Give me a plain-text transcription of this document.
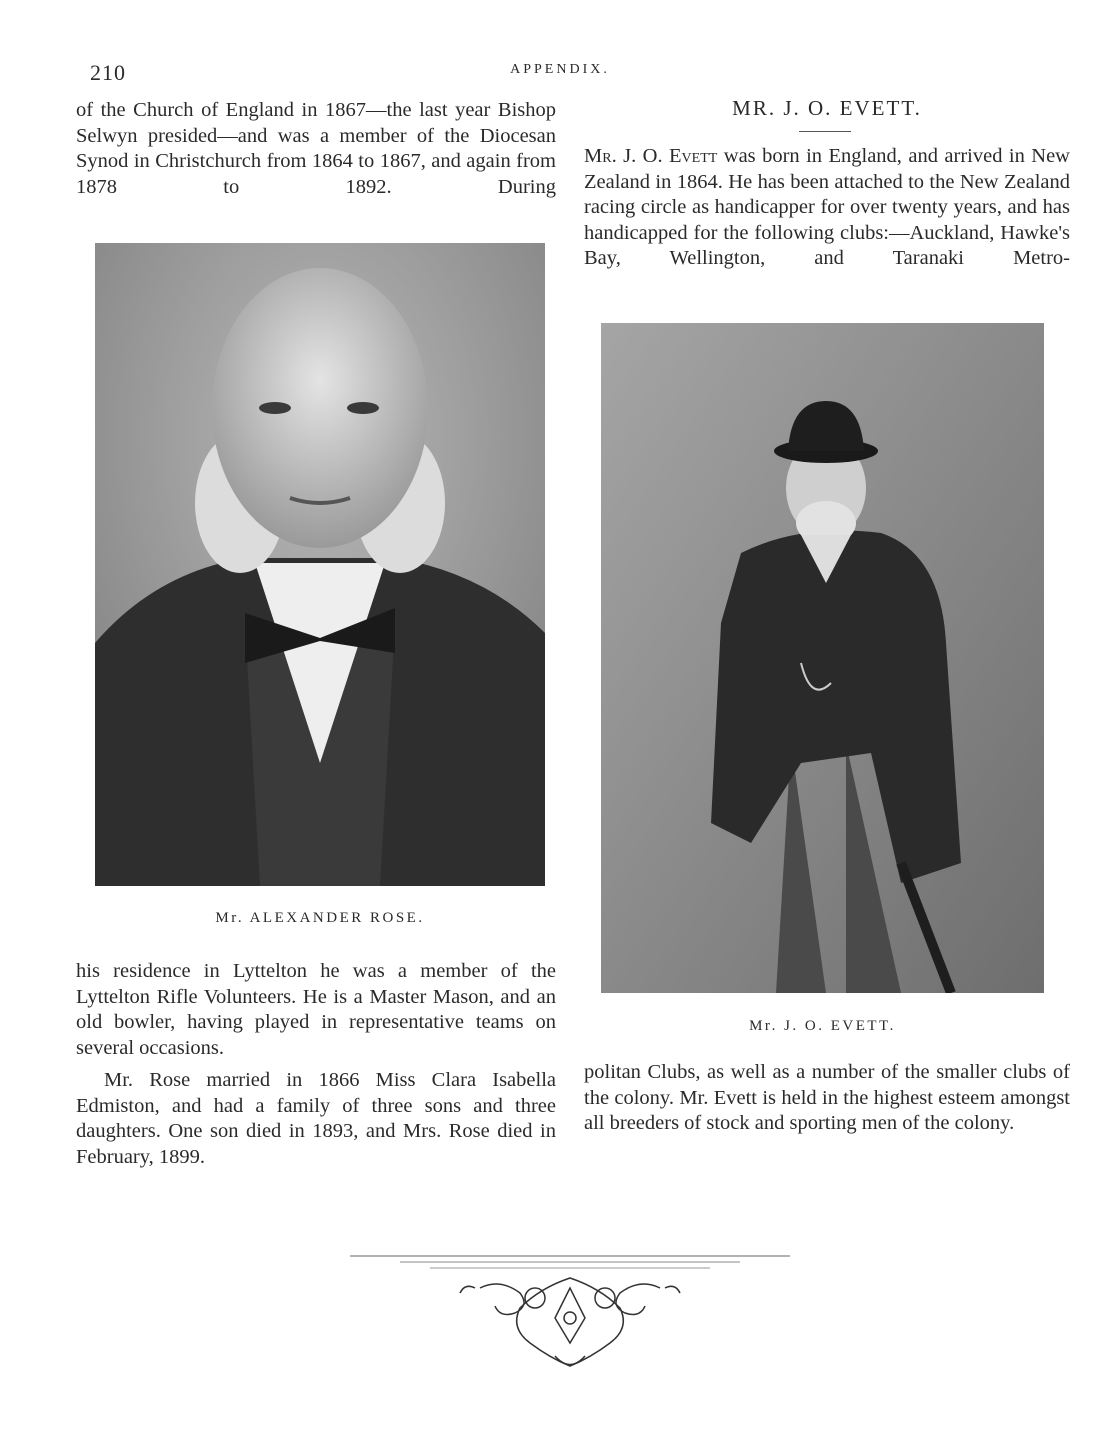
210	APPENDIX.

of the Church of England in 1867—the last year Bishop Selwyn presided—and was a member of the Diocesan Synod in Christchurch from 1864 to 1867, and again from 1878 to 1892. During

Mr. ALEXANDER ROSE.

his residence in Lyttelton he was a member of the Lyttelton Rifle Volunteers. He is a Master Mason, and an old bowler, having played in representative teams on several occasions.

Mr. Rose married in 1866 Miss Clara Isabella Edmiston, and had a family of three sons and three daughters. One son died in 1893, and Mrs. Rose died in February, 1899.

MR. J. O. EVETT.

Mr. J. O. Evett was born in England, and arrived in New Zealand in 1864. He has been attached to the New Zealand racing circle as handicapper for over twenty years, and has handicapped for the following clubs:—Auckland, Hawke's Bay, Wellington, and Taranaki Metro-

Mr. J. O. EVETT.

politan Clubs, as well as a number of the smaller clubs of the colony. Mr. Evett is held in the highest esteem amongst all breeders of stock and sporting men of the colony.
